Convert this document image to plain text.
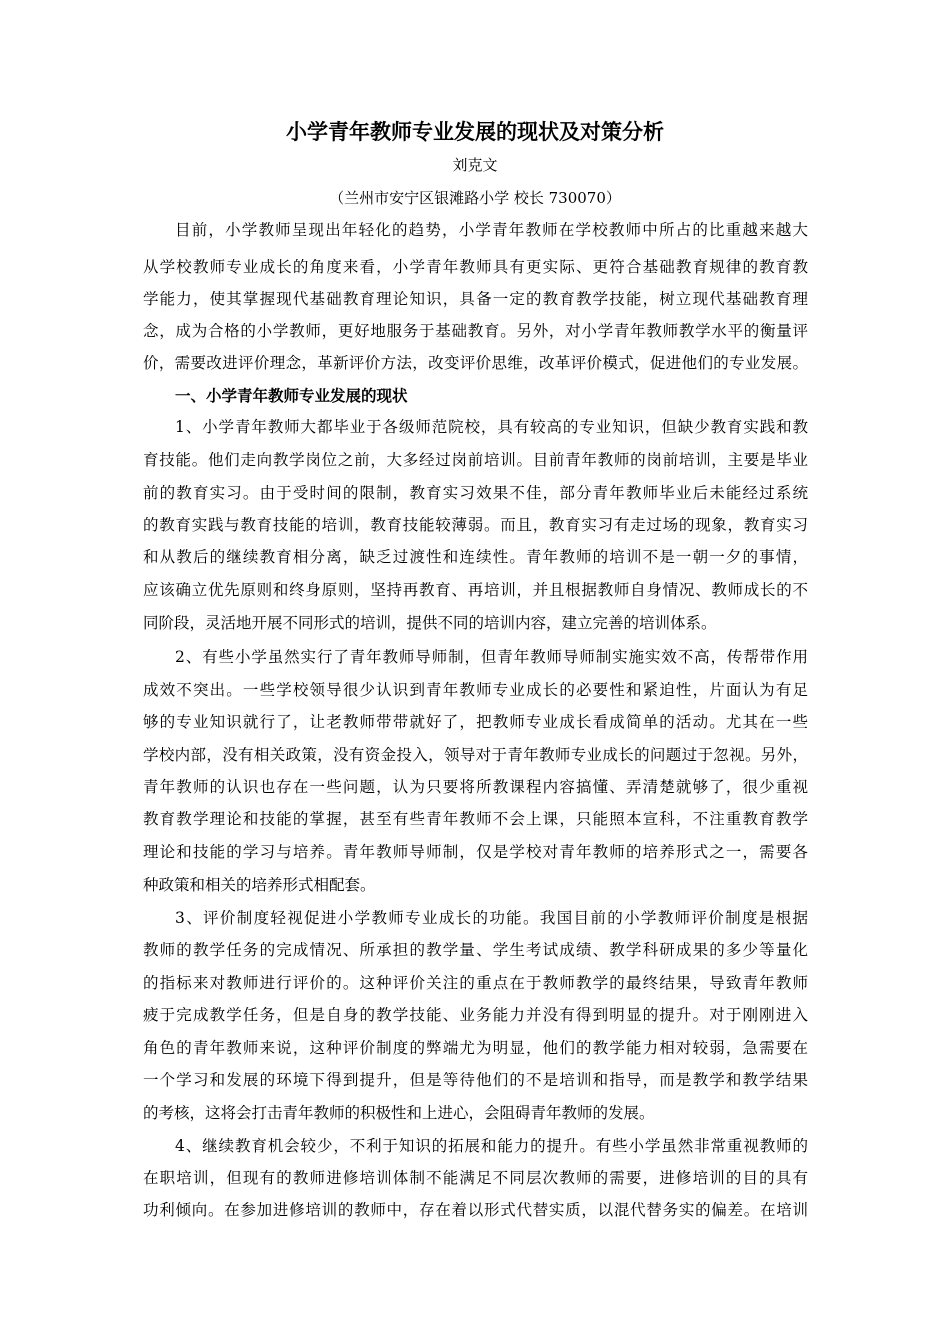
小学青年教师专业发展的现状及对策分析
刘克文
（兰州市安宁区银滩路小学 校长 730070）
目前，小学教师呈现出年轻化的趋势，小学青年教师在学校教师中所占的比重越来越大
从学校教师专业成长的角度来看，小学青年教师具有更实际、更符合基础教育规律的教育教
学能力，使其掌握现代基础教育理论知识，具备一定的教育教学技能，树立现代基础教育理
念，成为合格的小学教师，更好地服务于基础教育。另外，对小学青年教师教学水平的衡量评
价，需要改进评价理念，革新评价方法，改变评价思维，改革评价模式，促进他们的专业发展。
一、小学青年教师专业发展的现状
1、小学青年教师大都毕业于各级师范院校，具有较高的专业知识，但缺少教育实践和教
育技能。他们走向教学岗位之前，大多经过岗前培训。目前青年教师的岗前培训，主要是毕业
前的教育实习。由于受时间的限制，教育实习效果不佳，部分青年教师毕业后未能经过系统
的教育实践与教育技能的培训，教育技能较薄弱。而且，教育实习有走过场的现象，教育实习
和从教后的继续教育相分离，缺乏过渡性和连续性。青年教师的培训不是一朝一夕的事情，
应该确立优先原则和终身原则，坚持再教育、再培训，并且根据教师自身情况、教师成长的不
同阶段，灵活地开展不同形式的培训，提供不同的培训内容，建立完善的培训体系。
2、有些小学虽然实行了青年教师导师制，但青年教师导师制实施实效不高，传帮带作用
成效不突出。一些学校领导很少认识到青年教师专业成长的必要性和紧迫性，片面认为有足
够的专业知识就行了，让老教师带带就好了，把教师专业成长看成简单的活动。尤其在一些
学校内部，没有相关政策，没有资金投入，领导对于青年教师专业成长的问题过于忽视。另外，
青年教师的认识也存在一些问题，认为只要将所教课程内容搞懂、弄清楚就够了，很少重视
教育教学理论和技能的掌握，甚至有些青年教师不会上课，只能照本宣科，不注重教育教学
理论和技能的学习与培养。青年教师导师制，仅是学校对青年教师的培养形式之一，需要各
种政策和相关的培养形式相配套。
3、评价制度轻视促进小学教师专业成长的功能。我国目前的小学教师评价制度是根据
教师的教学任务的完成情况、所承担的教学量、学生考试成绩、教学科研成果的多少等量化
的指标来对教师进行评价的。这种评价关注的重点在于教师教学的最终结果，导致青年教师
疲于完成教学任务，但是自身的教学技能、业务能力并没有得到明显的提升。对于刚刚进入
角色的青年教师来说，这种评价制度的弊端尤为明显，他们的教学能力相对较弱，急需要在
一个学习和发展的环境下得到提升，但是等待他们的不是培训和指导，而是教学和教学结果
的考核，这将会打击青年教师的积极性和上进心，会阻碍青年教师的发展。
4、继续教育机会较少，不利于知识的拓展和能力的提升。有些小学虽然非常重视教师的
在职培训，但现有的教师进修培训体制不能满足不同层次教师的需要，进修培训的目的具有
功利倾向。在参加进修培训的教师中，存在着以形式代替实质，以混代替务实的偏差。在培训
